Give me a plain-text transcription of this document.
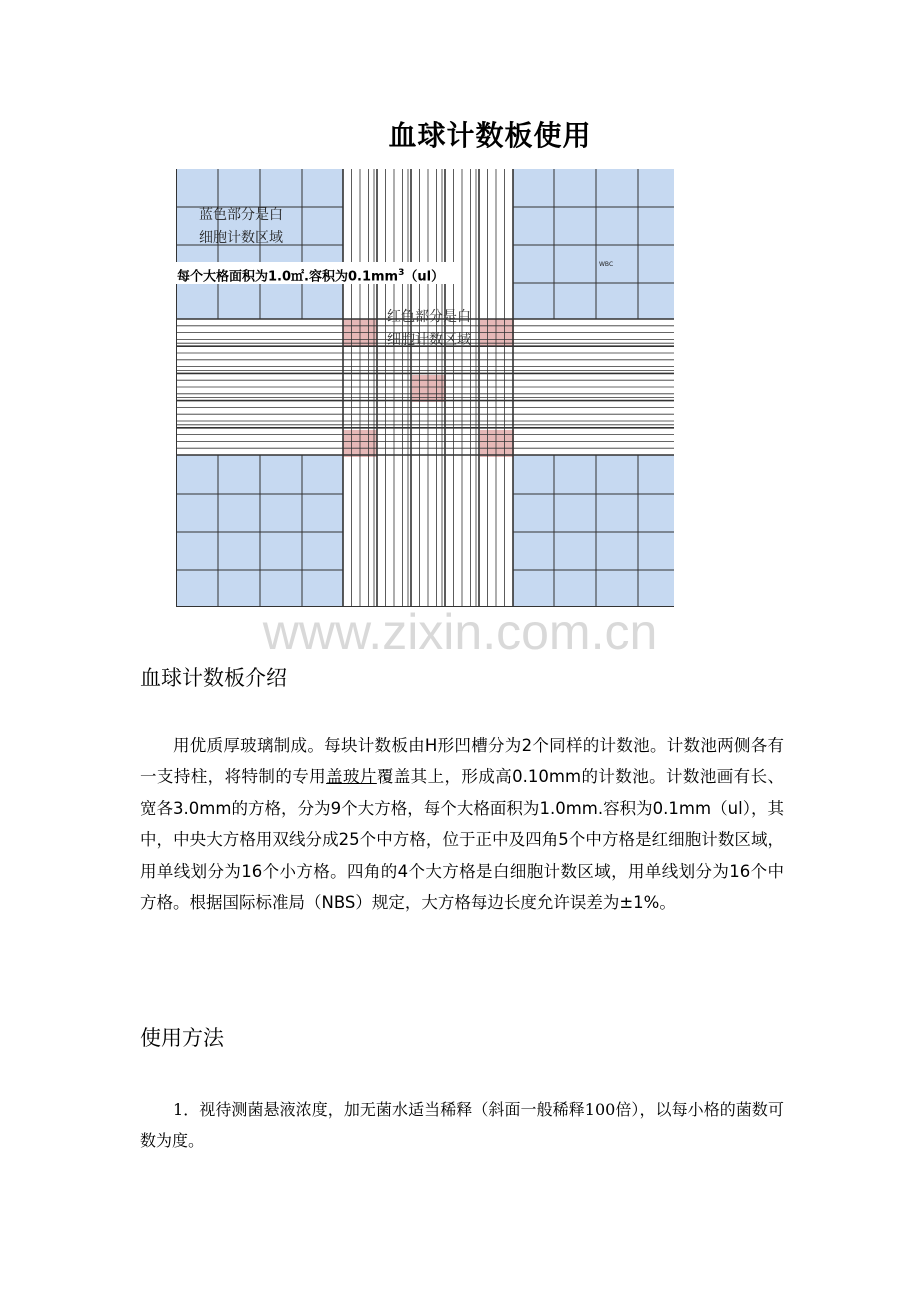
血球计数板使用
蓝色部分是白
细胞计数区域
每个大格面积为1.0㎡.容积为$0.1mm^3(ul)$
WBC
红色部分是白
细胞计数区域

www.zixin.com.cn

血球计数板介绍

用优质厚玻璃制成。每块计数板由H形凹槽分为2个同样的计数池。计数池两侧各有一支持柱，将特制的专用盖玻片覆盖其上，形成高0.10mm的计数池。计数池画有长、宽各3.0mm的方格，分为9个大方格，每个大格面积为1.0mm.容积为0.1mm（ul），其中，中央大方格用双线分成25个中方格，位于正中及四角5个中方格是红细胞计数区域，用单线划分为16个小方格。四角的4个大方格是白细胞计数区域，用单线划分为16个中方格。根据国际标准局（NBS）规定，大方格每边长度允许误差为±1%。

使用方法

1．视待测菌悬液浓度，加无菌水适当稀释（斜面一般稀释100倍），以每小格的菌数可数为度。
